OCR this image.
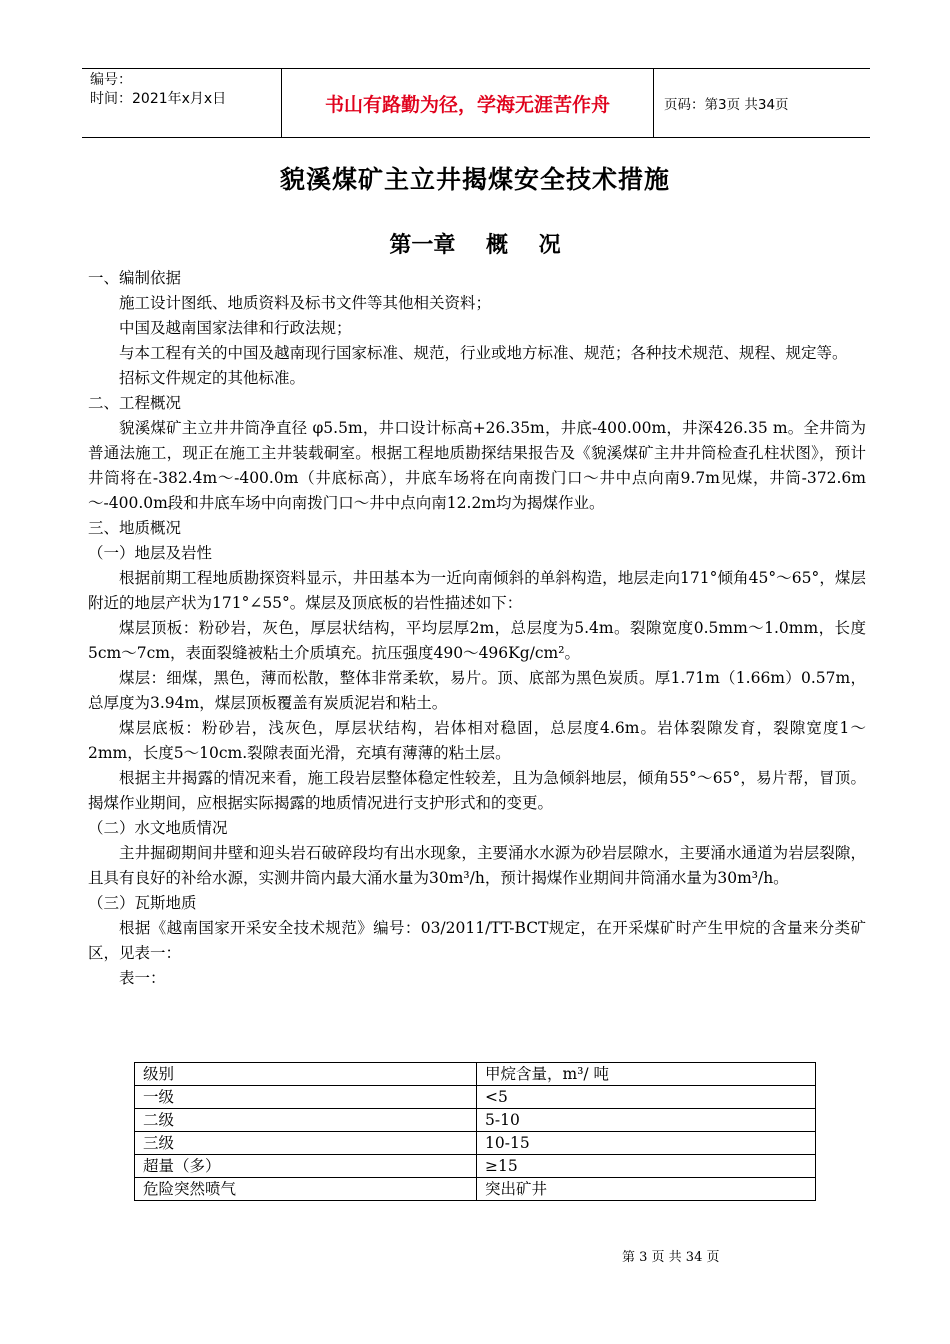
编号：
时间：2021年x月x日	书山有路勤为径，学海无涯苦作舟	页码：第3页 共34页
貌溪煤矿主立井揭煤安全技术措施
第一章    概    况

一、编制依据

施工设计图纸、地质资料及标书文件等其他相关资料；

中国及越南国家法律和行政法规；

与本工程有关的中国及越南现行国家标准、规范，行业或地方标准、规范；各种技术规范、规程、规定等。

招标文件规定的其他标准。

二、工程概况

貌溪煤矿主立井井筒净直径 φ5.5m，井口设计标高+26.35m，井底-400.00m，井深426.35 m。全井筒为普通法施工，现正在施工主井装载硐室。根据工程地质勘探结果报告及《貌溪煤矿主井井筒检查孔柱状图》，预计井筒将在-382.4m～-400.0m（井底标高），井底车场将在向南拨门口～井中点向南9.7m见煤，井筒-372.6m～-400.0m段和井底车场中向南拨门口～井中点向南12.2m均为揭煤作业。

三、地质概况

（一）地层及岩性

根据前期工程地质勘探资料显示，井田基本为一近向南倾斜的单斜构造，地层走向171°倾角45°～65°，煤层附近的地层产状为171°∠55°。煤层及顶底板的岩性描述如下：

煤层顶板：粉砂岩，灰色，厚层状结构，平均层厚2m，总层度为5.4m。裂隙宽度0.5mm～1.0mm，长度5cm～7cm，表面裂缝被粘土介质填充。抗压强度490～496Kg/cm²。

煤层：细煤，黑色，薄而松散，整体非常柔软，易片。顶、底部为黑色炭质。厚1.71m（1.66m）0.57m，总厚度为3.94m，煤层顶板覆盖有炭质泥岩和粘土。

煤层底板：粉砂岩，浅灰色，厚层状结构，岩体相对稳固，总层度4.6m。岩体裂隙发育，裂隙宽度1～2mm，长度5～10cm.裂隙表面光滑，充填有薄薄的粘土层。

根据主井揭露的情况来看，施工段岩层整体稳定性较差，且为急倾斜地层，倾角55°～65°，易片帮，冒顶。揭煤作业期间，应根据实际揭露的地质情况进行支护形式和的变更。

（二）水文地质情况

主井掘砌期间井壁和迎头岩石破碎段均有出水现象，主要涌水水源为砂岩层隙水，主要涌水通道为岩层裂隙，且具有良好的补给水源，实测井筒内最大涌水量为30m³/h，预计揭煤作业期间井筒涌水量为30m³/h。

（三）瓦斯地质

根据《越南国家开采安全技术规范》编号：03/2011/TT-BCT规定，在开采煤矿时产生甲烷的含量来分类矿区，见表一：

表一：

级别	甲烷含量，m³/ 吨
一级	<5
二级	5-10
三级	10-15
超量（多）	≥15
危险突然喷气	突出矿井
第 3 页 共 34 页
